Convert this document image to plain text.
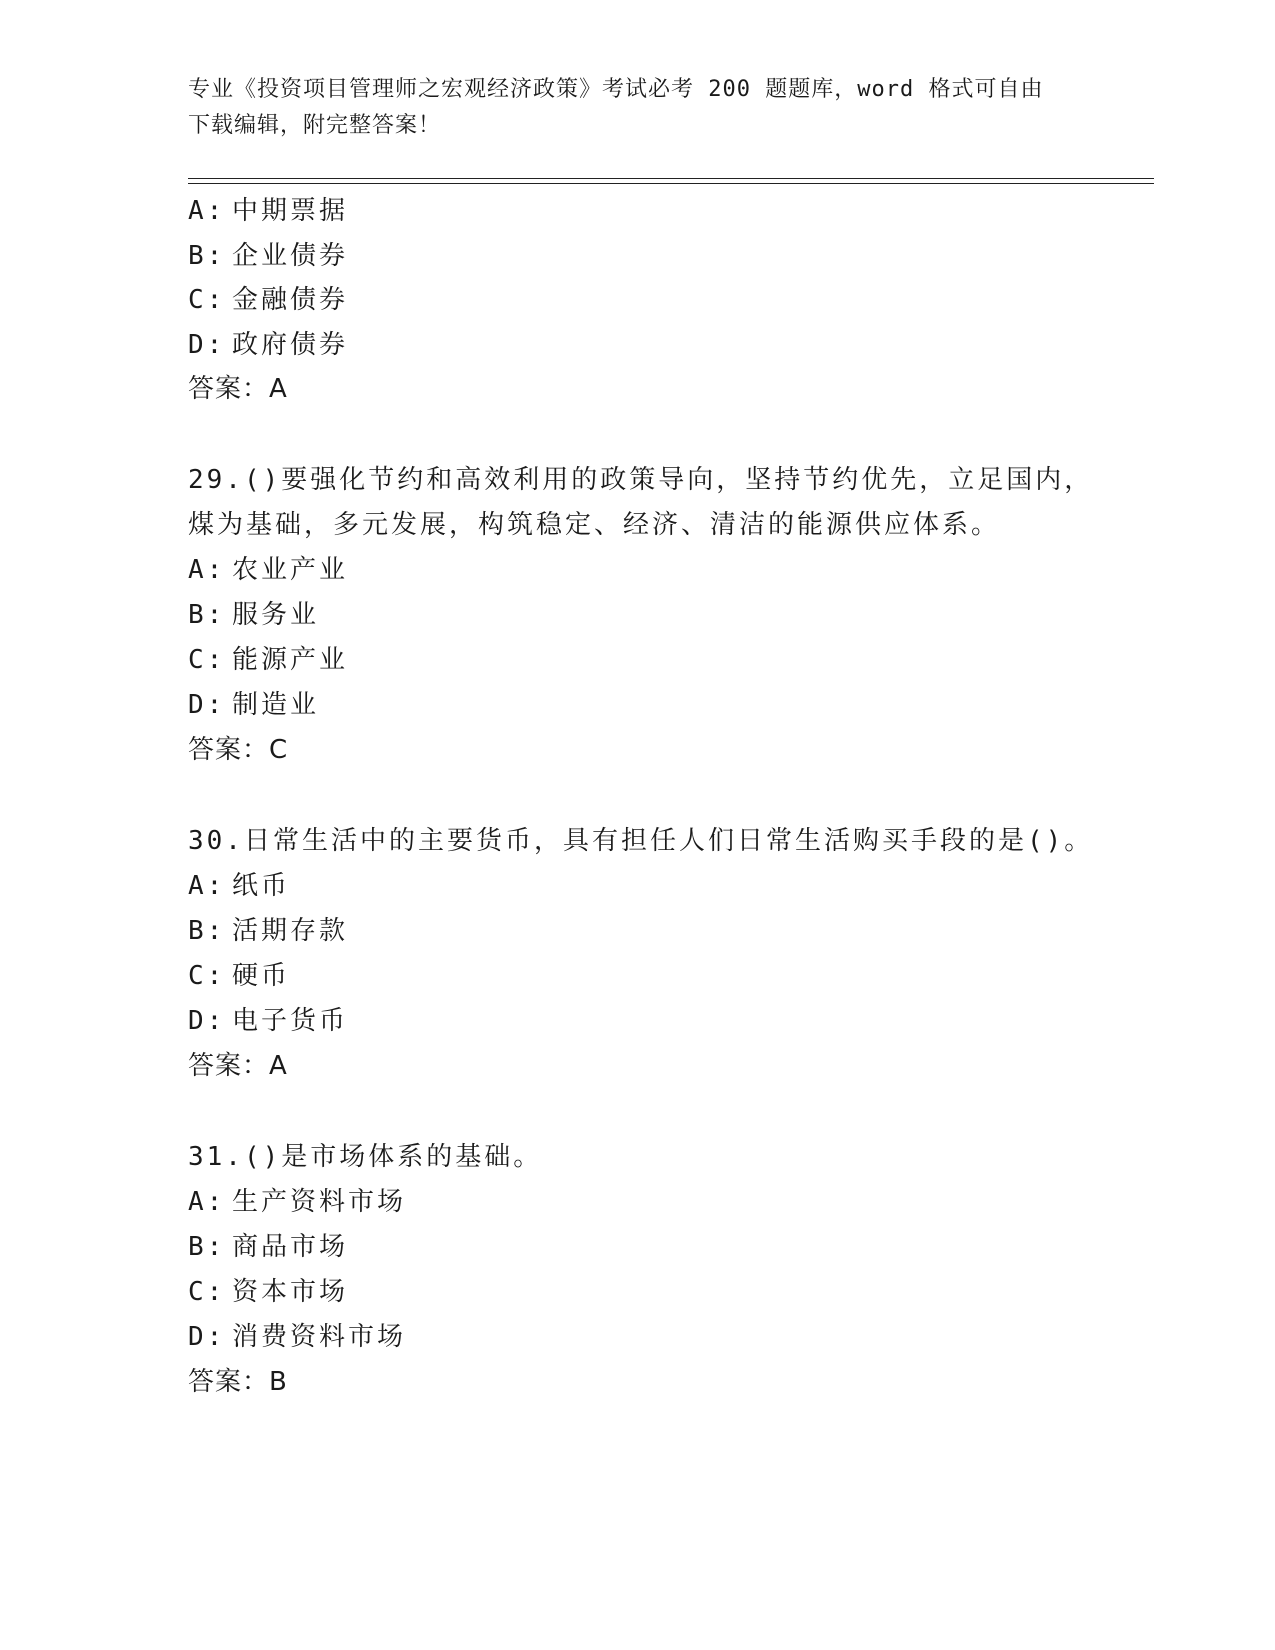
专业《投资项目管理师之宏观经济政策》考试必考 200 题题库，word 格式可自由
下载编辑，附完整答案！
A: 中期票据
B: 企业债券
C: 金融债券
D: 政府债券
答案：A
29.()要强化节约和高效利用的政策导向，坚持节约优先，立足国内，
煤为基础，多元发展，构筑稳定、经济、清洁的能源供应体系。
A: 农业产业
B: 服务业
C: 能源产业
D: 制造业
答案：C
30.日常生活中的主要货币，具有担任人们日常生活购买手段的是()。
A: 纸币
B: 活期存款
C: 硬币
D: 电子货币
答案：A
31.()是市场体系的基础。
A: 生产资料市场
B: 商品市场
C: 资本市场
D: 消费资料市场
答案：B
